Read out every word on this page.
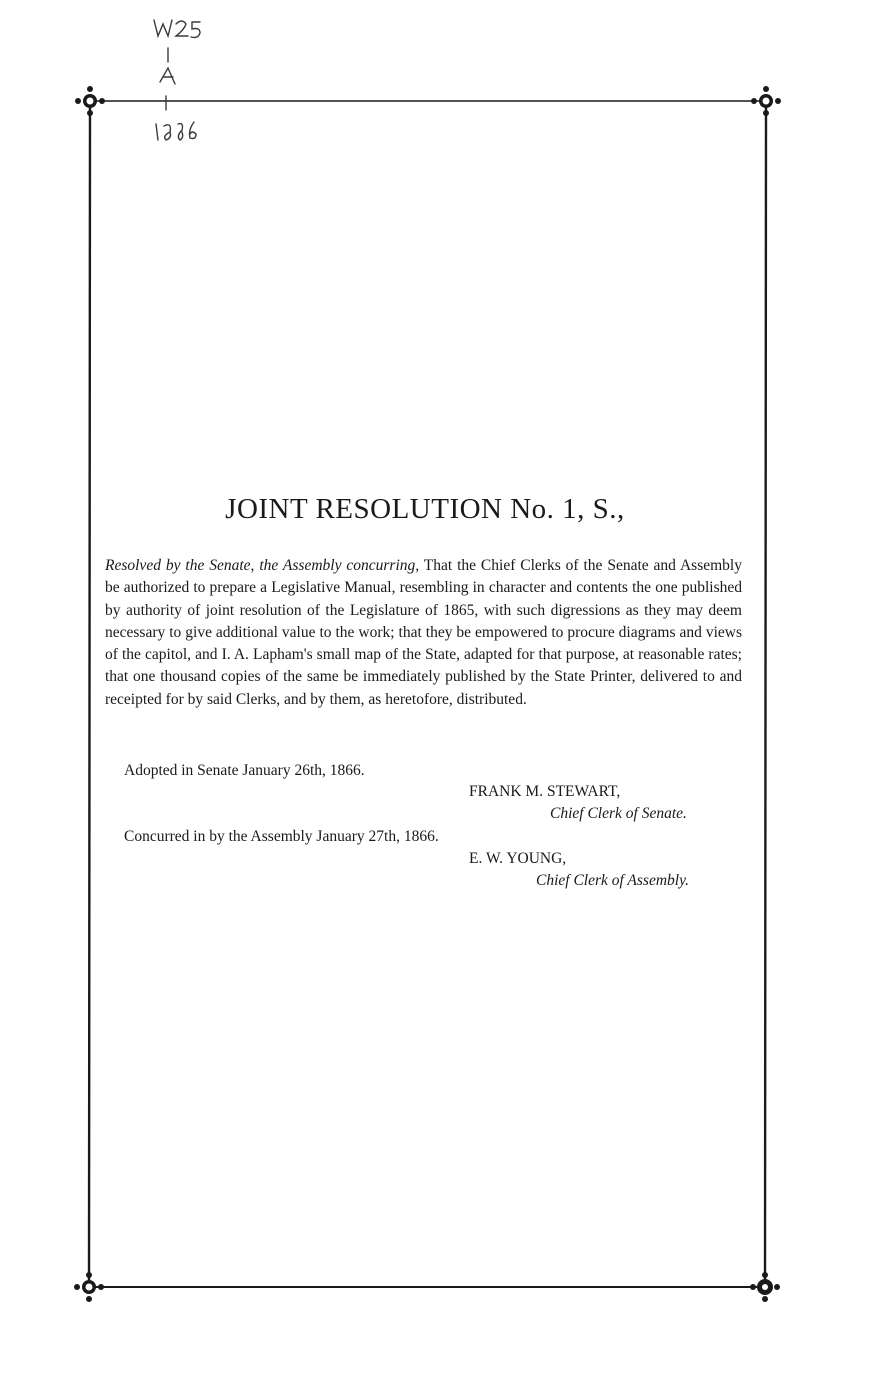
JOINT RESOLUTION No. 1, S.,

Resolved by the Senate, the Assembly concurring, That the Chief Clerks of the Senate and Assembly be authorized to prepare a Legislative Manual, resembling in character and contents the one published by authority of joint resolution of the Legislature of 1865, with such digressions as they may deem necessary to give additional value to the work; that they be empowered to procure diagrams and views of the capitol, and I. A. Lapham's small map of the State, adapted for that purpose, at reasonable rates; that one thousand copies of the same be immediately published by the State Printer, delivered to and receipted for by said Clerks, and by them, as heretofore, distributed.

Adopted in Senate January 26th, 1866.

FRANK M. STEWART,

Chief Clerk of Senate.

Concurred in by the Assembly January 27th, 1866.

E. W. YOUNG,

Chief Clerk of Assembly.
